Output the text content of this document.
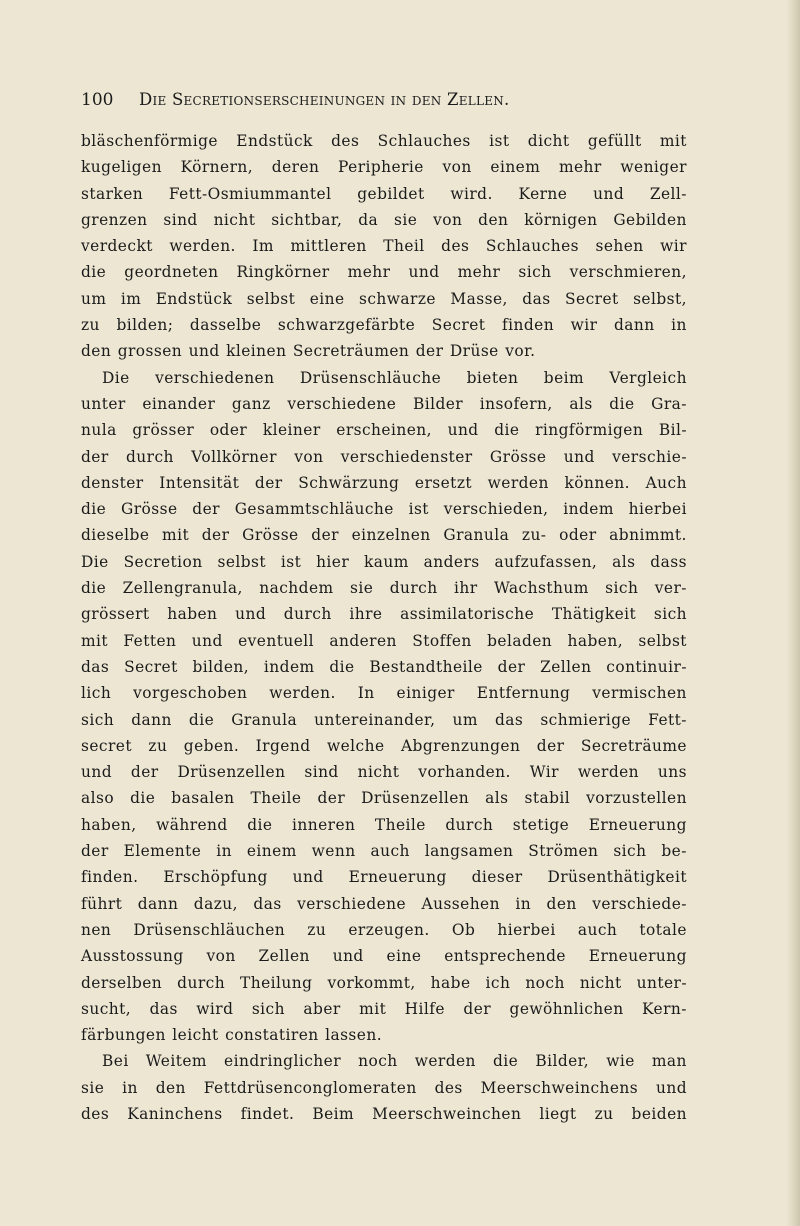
100 Die Secretionserscheinungen in den Zellen.
bläschenförmige Endstück des Schlauches ist dicht gefüllt mit
kugeligen Körnern, deren Peripherie von einem mehr weniger
starken Fett-Osmiummantel gebildet wird. Kerne und Zell-
grenzen sind nicht sichtbar, da sie von den körnigen Gebilden
verdeckt werden. Im mittleren Theil des Schlauches sehen wir
die geordneten Ringkörner mehr und mehr sich verschmieren,
um im Endstück selbst eine schwarze Masse, das Secret selbst,
zu bilden; dasselbe schwarzgefärbte Secret finden wir dann in
den grossen und kleinen Secreträumen der Drüse vor.
Die verschiedenen Drüsenschläuche bieten beim Vergleich
unter einander ganz verschiedene Bilder insofern, als die Gra-
nula grösser oder kleiner erscheinen, und die ringförmigen Bil-
der durch Vollkörner von verschiedenster Grösse und verschie-
denster Intensität der Schwärzung ersetzt werden können. Auch
die Grösse der Gesammtschläuche ist verschieden, indem hierbei
dieselbe mit der Grösse der einzelnen Granula zu- oder abnimmt.
Die Secretion selbst ist hier kaum anders aufzufassen, als dass
die Zellengranula, nachdem sie durch ihr Wachsthum sich ver-
grössert haben und durch ihre assimilatorische Thätigkeit sich
mit Fetten und eventuell anderen Stoffen beladen haben, selbst
das Secret bilden, indem die Bestandtheile der Zellen continuir-
lich vorgeschoben werden. In einiger Entfernung vermischen
sich dann die Granula untereinander, um das schmierige Fett-
secret zu geben. Irgend welche Abgrenzungen der Secreträume
und der Drüsenzellen sind nicht vorhanden. Wir werden uns
also die basalen Theile der Drüsenzellen als stabil vorzustellen
haben, während die inneren Theile durch stetige Erneuerung
der Elemente in einem wenn auch langsamen Strömen sich be-
finden. Erschöpfung und Erneuerung dieser Drüsenthätigkeit
führt dann dazu, das verschiedene Aussehen in den verschiede-
nen Drüsenschläuchen zu erzeugen. Ob hierbei auch totale
Ausstossung von Zellen und eine entsprechende Erneuerung
derselben durch Theilung vorkommt, habe ich noch nicht unter-
sucht, das wird sich aber mit Hilfe der gewöhnlichen Kern-
färbungen leicht constatiren lassen.
Bei Weitem eindringlicher noch werden die Bilder, wie man
sie in den Fettdrüsenconglomeraten des Meerschweinchens und
des Kaninchens findet. Beim Meerschweinchen liegt zu beiden
